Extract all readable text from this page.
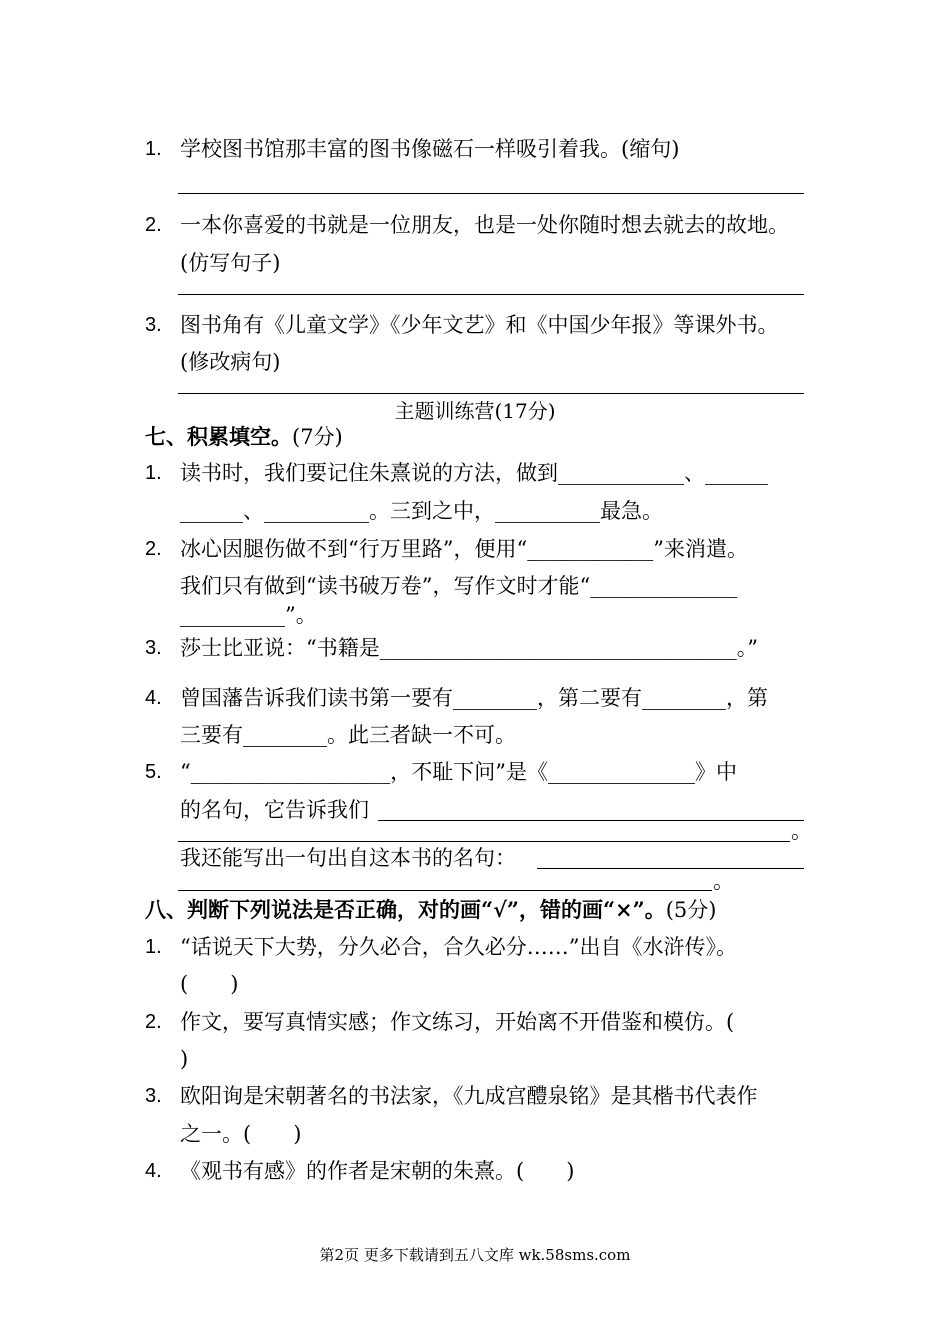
1. 学校图书馆那丰富的图书像磁石一样吸引着我。(缩句)
2. 一本你喜爱的书就是一位朋友，也是一处你随时想去就去的故地。
(仿写句子)
3. 图书角有《儿童文学》《少年文艺》和《中国少年报》等课外书。
(修改病句)
主题训练营(17分)
七、积累填空。(7分)
1. 读书时，我们要记住朱熹说的方法，做到____________、______
______、__________。三到之中，__________最急。
2. 冰心因腿伤做不到“行万里路”，便用“____________”来消遣。
我们只有做到“读书破万卷”，写作文时才能“______________
__________”。
3. 莎士比亚说：“书籍是__________________________________。”
4. 曾国藩告诉我们读书第一要有________，第二要有________，第
三要有________。此三者缺一不可。
5. “___________________，不耻下问”是《______________》中
的名句，它告诉我们
。
我还能写出一句出自这本书的名句：
。
八、判断下列说法是否正确，对的画“√”，错的画“×”。(5分)
1. “话说天下大势，分久必合，合久必分……”出自《水浒传》。
(　　)
2. 作文，要写真情实感；作文练习，开始离不开借鉴和模仿。(
)
3. 欧阳询是宋朝著名的书法家，《九成宫醴泉铭》是其楷书代表作
之一。(　　)
4. 《观书有感》的作者是宋朝的朱熹。(　　)
第2页 更多下载请到五八文库 wk.58sms.com
